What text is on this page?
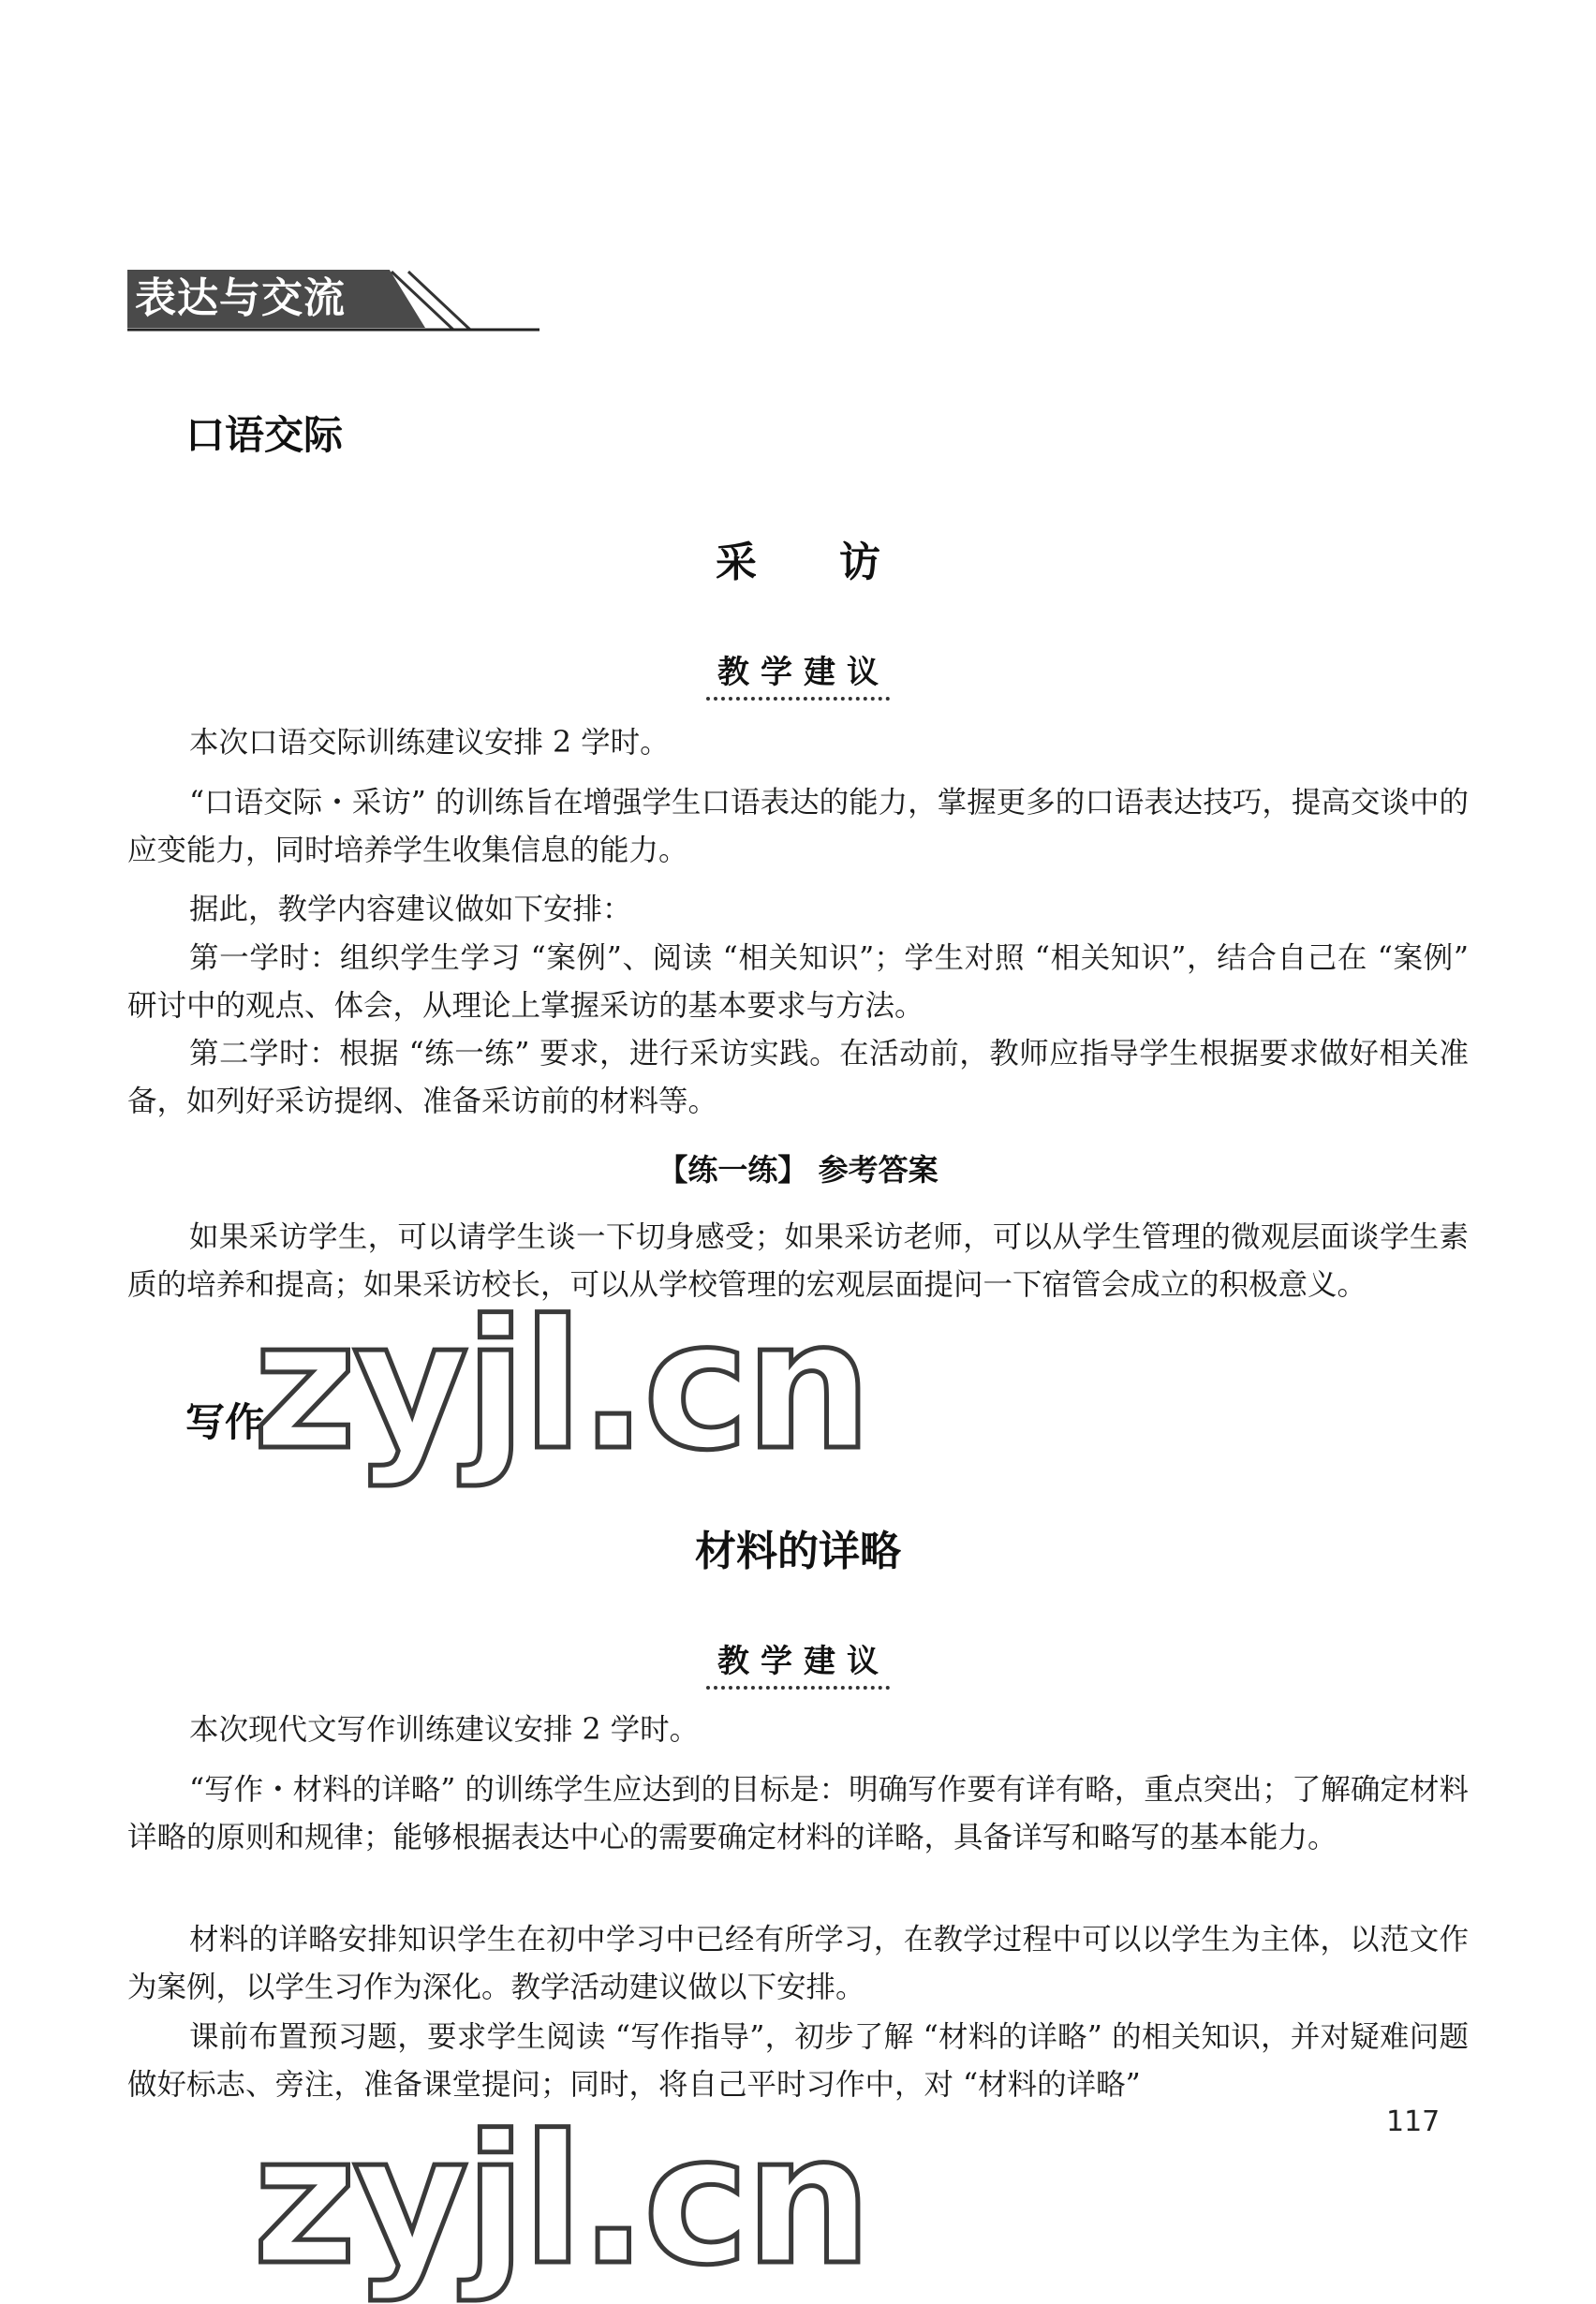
表达与交流
口语交际
采　　访
教学建议
本次口语交际训练建议安排 2 学时。
“口语交际・采访” 的训练旨在增强学生口语表达的能力，掌握更多的口语表达技巧，提高交谈中的应变能力，同时培养学生收集信息的能力。
据此，教学内容建议做如下安排：
第一学时：组织学生学习 “案例”、阅读 “相关知识”；学生对照 “相关知识”，结合自己在 “案例” 研讨中的观点、体会，从理论上掌握采访的基本要求与方法。
第二学时：根据 “练一练” 要求，进行采访实践。在活动前，教师应指导学生根据要求做好相关准备，如列好采访提纲、准备采访前的材料等。
【练一练】 参考答案
如果采访学生，可以请学生谈一下切身感受；如果采访老师，可以从学生管理的微观层面谈学生素质的培养和提高；如果采访校长，可以从学校管理的宏观层面提问一下宿管会成立的积极意义。
写作
材料的详略
教学建议
本次现代文写作训练建议安排 2 学时。
“写作・材料的详略” 的训练学生应达到的目标是：明确写作要有详有略，重点突出；了解确定材料详略的原则和规律；能够根据表达中心的需要确定材料的详略，具备详写和略写的基本能力。
材料的详略安排知识学生在初中学习中已经有所学习，在教学过程中可以以学生为主体，以范文作为案例，以学生习作为深化。教学活动建议做以下安排。
课前布置预习题，要求学生阅读 “写作指导”，初步了解 “材料的详略” 的相关知识，并对疑难问题做好标志、旁注，准备课堂提问；同时，将自己平时习作中，对 “材料的详略”
117
zyjl.cn
zyjl.cn
